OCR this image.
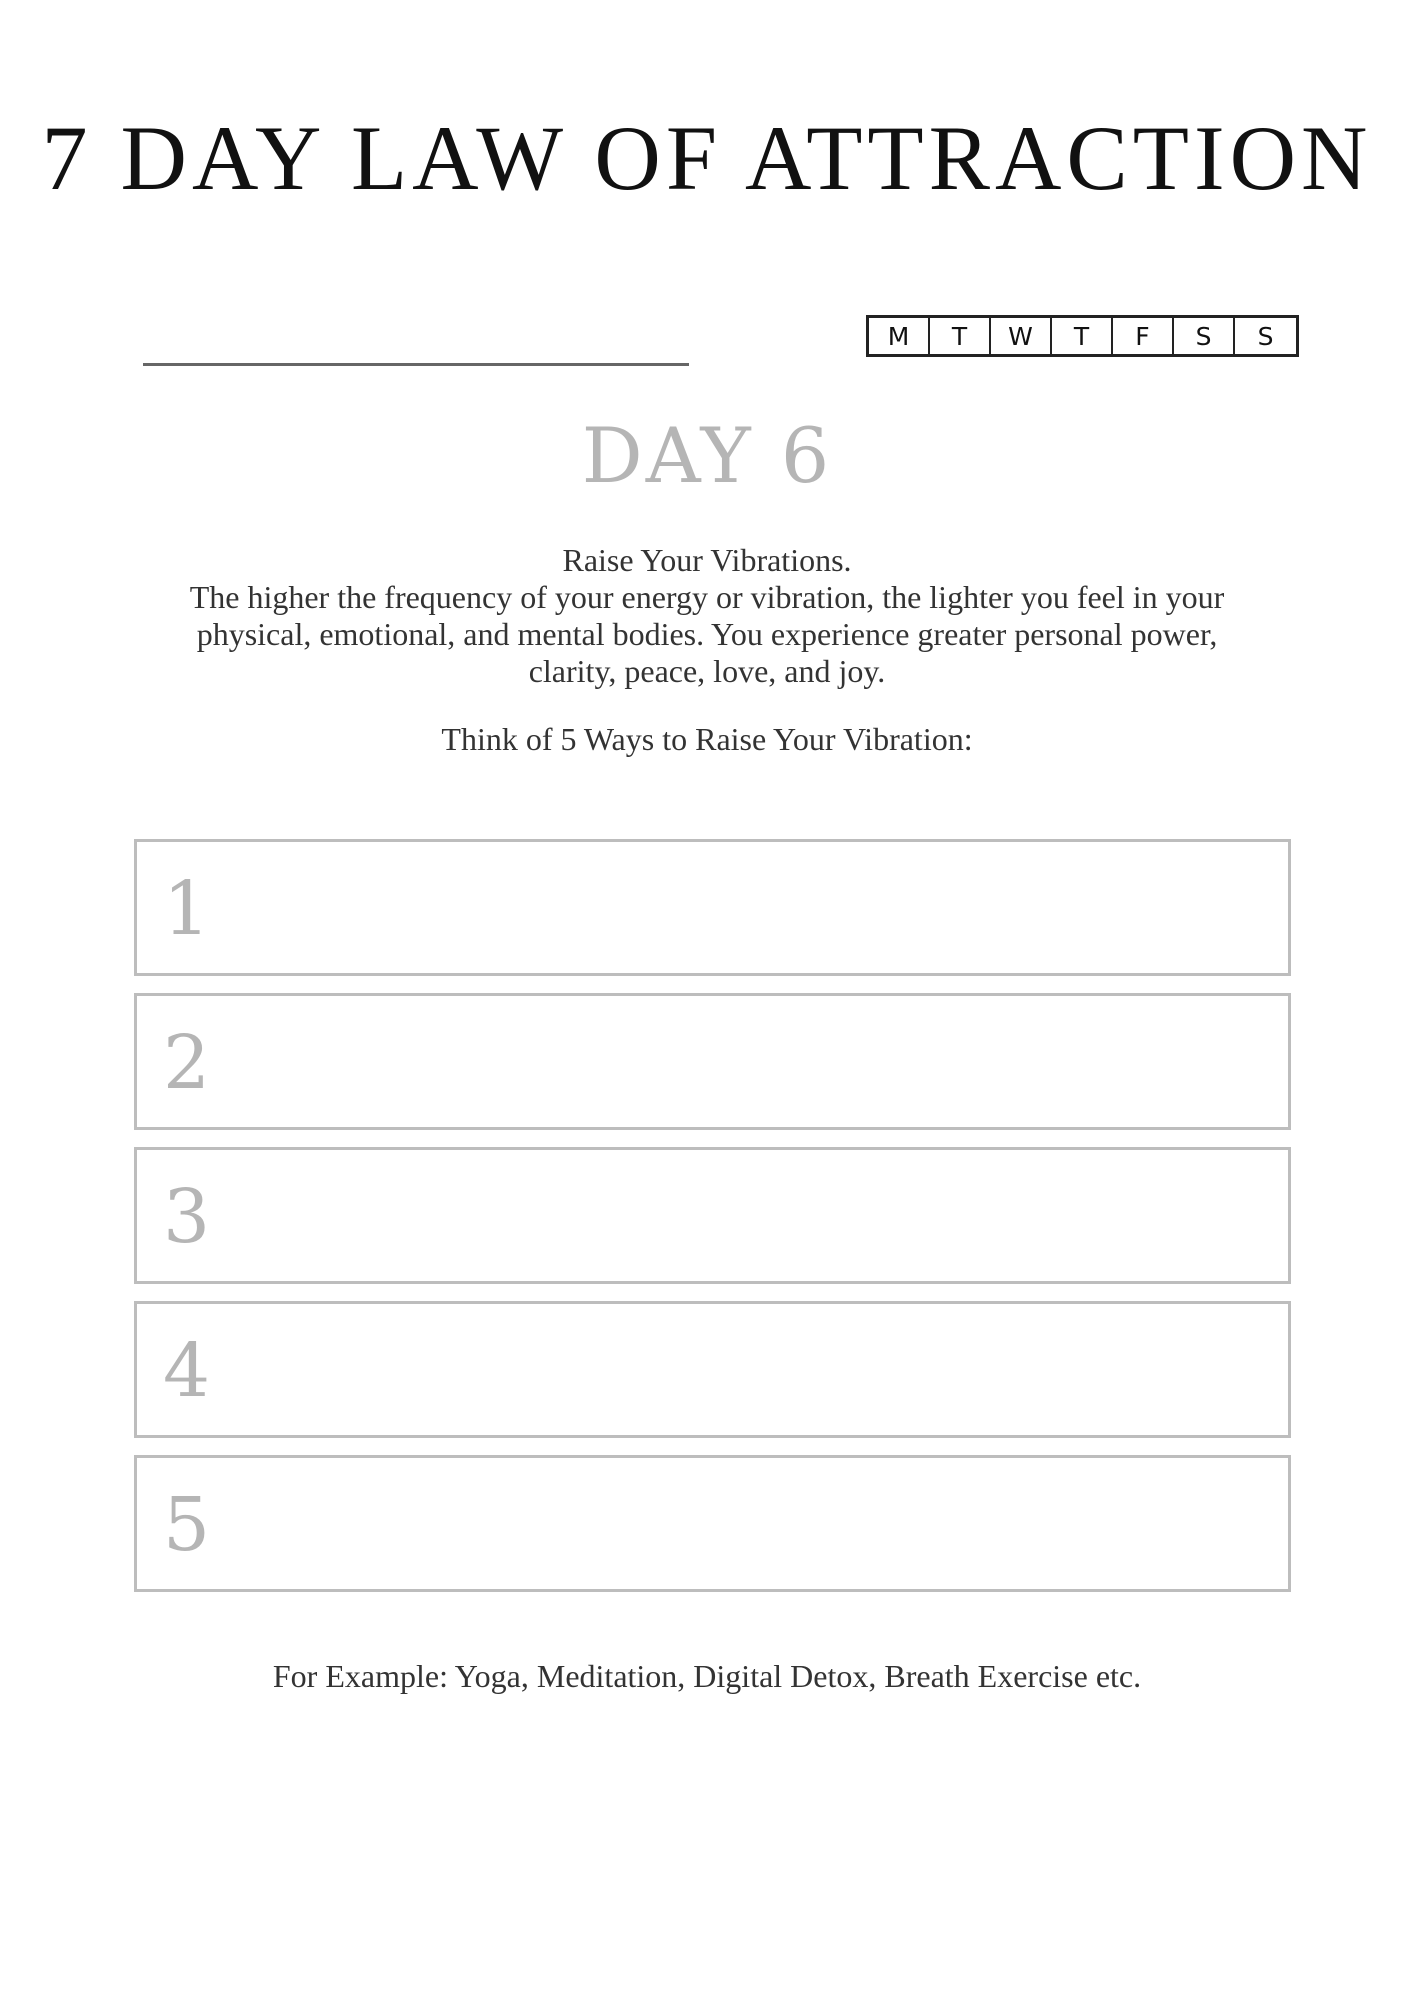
7 DAY LAW OF ATTRACTION
M	T	W	T	F	S	S
DAY 6

Raise Your Vibrations.

The higher the frequency of your energy or vibration, the lighter you feel in your

physical, emotional, and mental bodies. You experience greater personal power,

clarity, peace, love, and joy.

Think of 5 Ways to Raise Your Vibration:
1
2
3
4
5
For Example: Yoga, Meditation, Digital Detox, Breath Exercise etc.
